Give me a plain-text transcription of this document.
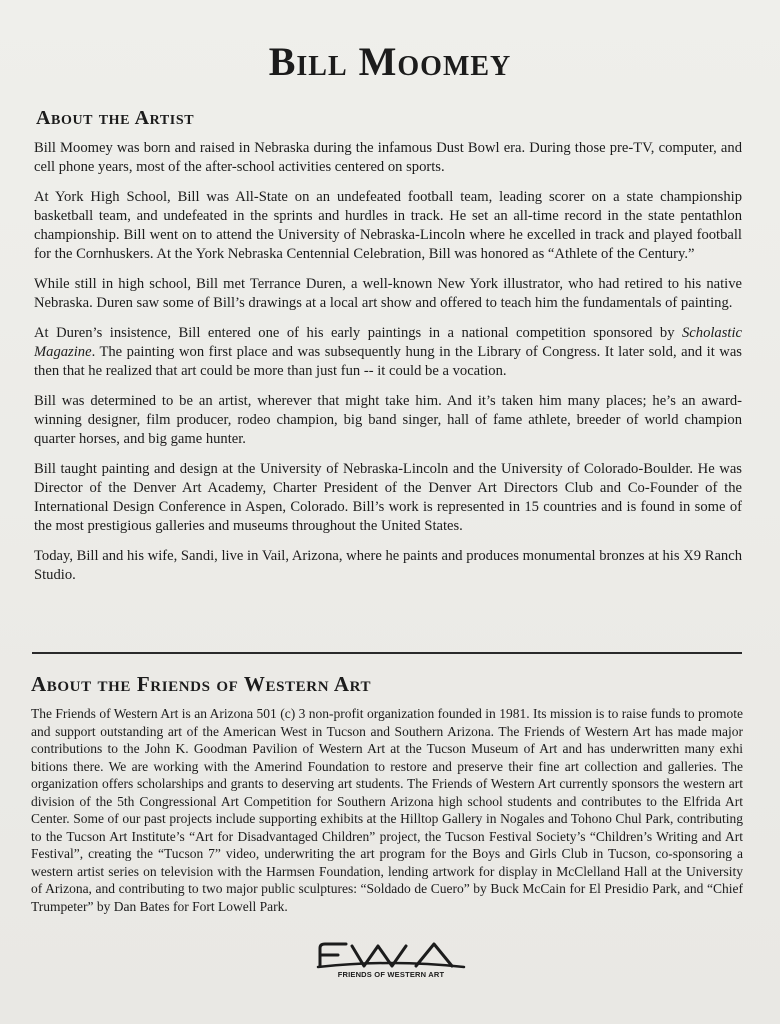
Bill Moomey
About the Artist

Bill Moomey was born and raised in Nebraska during the infamous Dust Bowl era. During those pre-TV, computer, and cell phone years, most of the after-school activities centered on sports.

At York High School, Bill was All-State on an undefeated football team, leading scorer on a state championship basketball team, and undefeated in the sprints and hurdles in track. He set an all-time record in the state pentathlon championship. Bill went on to attend the University of Nebraska-Lincoln where he excelled in track and played football for the Cornhuskers. At the York Nebraska Centennial Celebration, Bill was honored as “Athlete of the Century.”

While still in high school, Bill met Terrance Duren, a well-known New York illustrator, who had retired to his native Nebraska. Duren saw some of Bill’s drawings at a local art show and offered to teach him the fundamentals of painting.

At Duren’s insistence, Bill entered one of his early paintings in a national competition sponsored by Scholastic Magazine. The painting won first place and was subsequently hung in the Library of Congress. It later sold, and it was then that he realized that art could be more than just fun -- it could be a vocation.

Bill was determined to be an artist, wherever that might take him. And it’s taken him many places; he’s an award-winning designer, film producer, rodeo champion, big band singer, hall of fame athlete, breeder of world champion quarter horses, and big game hunter.

Bill taught painting and design at the University of Nebraska-Lincoln and the University of Colorado-Boulder. He was Director of the Denver Art Academy, Charter President of the Denver Art Directors Club and Co-Founder of the International Design Conference in Aspen, Colorado. Bill’s work is represented in 15 countries and is found in some of the most prestigious galleries and museums throughout the United States.

Today, Bill and his wife, Sandi, live in Vail, Arizona, where he paints and produces monumental bronzes at his X9 Ranch Studio.

About the Friends of Western Art

The Friends of Western Art is an Arizona 501 (c) 3 non-profit organization founded in 1981. Its mission is to raise funds to promote and support outstanding art of the American West in Tucson and Southern Arizona. The Friends of Western Art has made major contributions to the John K. Goodman Pavilion of Western Art at the Tucson Museum of Art and has underwritten many exhi bitions there. We are working with the Amerind Foundation to restore and preserve their fine art collection and galleries. The organization offers scholarships and grants to deserving art students. The Friends of Western Art currently sponsors the western art division of the 5th Congressional Art Competition for Southern Arizona high school students and contributes to the Elfrida Art Center. Some of our past projects include supporting exhibits at the Hilltop Gallery in Nogales and Tohono Chul Park, contributing to the Tucson Art Institute’s “Art for Disadvantaged Children” project, the Tucson Festival Society’s “Children’s Writing and Art Festival”, creating the “Tucson 7” video, underwriting the art program for the Boys and Girls Club in Tucson, co-sponsoring a western artist series on television with the Harmsen Foundation, lending artwork for display in McClelland Hall at the University of Arizona, and contributing to two major public sculptures: “Soldado de Cuero” by Buck McCain for El Presidio Park, and “Chief Trumpeter” by Dan Bates for Fort Lowell Park.

FRIENDS OF WESTERN ART
